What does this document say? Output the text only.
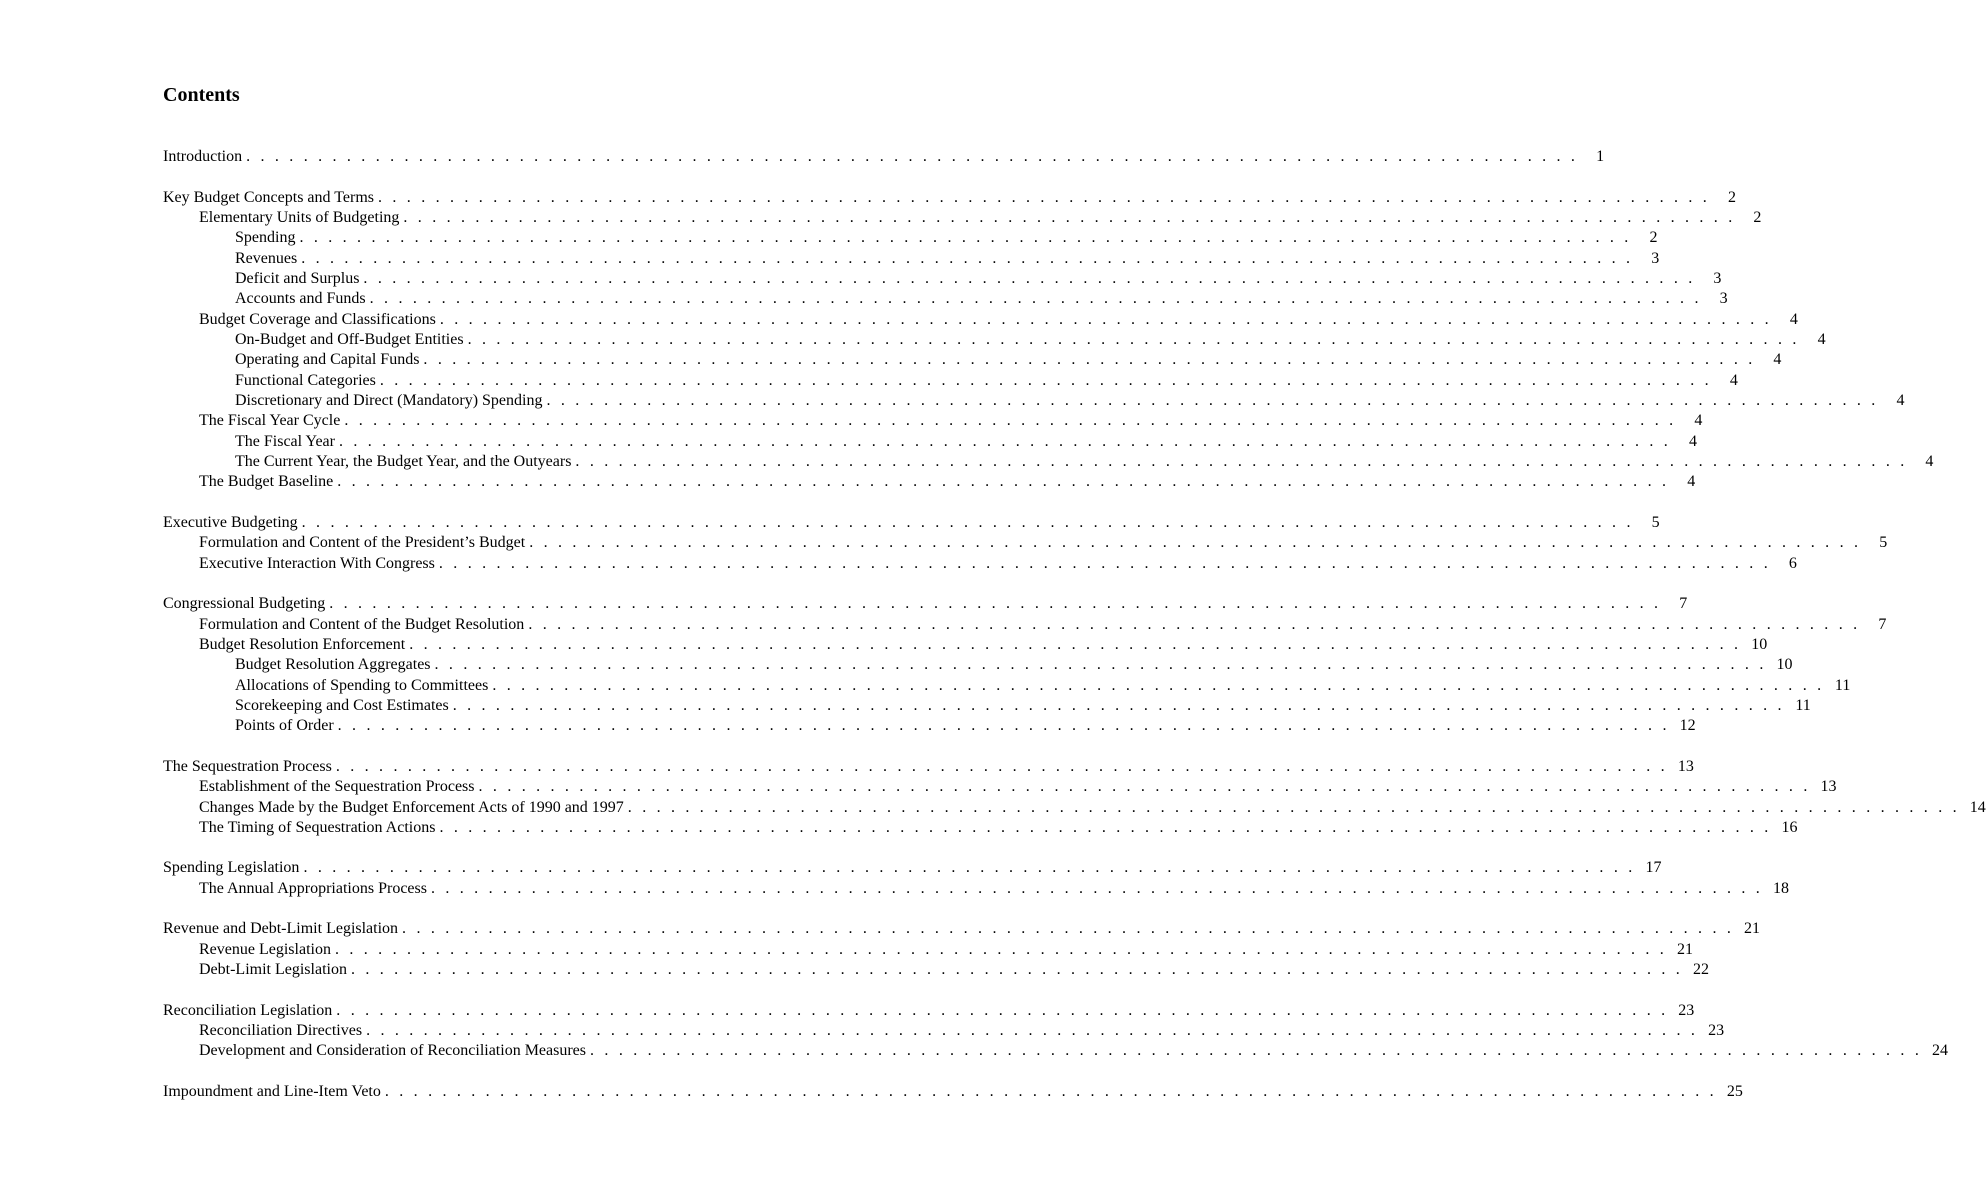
Contents
Introduction . . . . . . . . . . . . . . . . . . . . . . . . . . . . . . . . . . . . . . . . . . . . . . . . . . . . . . . . . . . . . . . . . . . . . . . . . . . . . . . . . . . . . . . . . . . . .	1
Key Budget Concepts and Terms . . . . . . . . . . . . . . . . . . . . . . . . . . . . . . . . . . . . . . . . . . . . . . . . . . . . . . . . . . . . . . . . . . . . . . . . . . . . . . . . . . . . . . . . . . . . .	2
Elementary Units of Budgeting . . . . . . . . . . . . . . . . . . . . . . . . . . . . . . . . . . . . . . . . . . . . . . . . . . . . . . . . . . . . . . . . . . . . . . . . . . . . . . . . . . . . . . . . . . . . .	2
Spending . . . . . . . . . . . . . . . . . . . . . . . . . . . . . . . . . . . . . . . . . . . . . . . . . . . . . . . . . . . . . . . . . . . . . . . . . . . . . . . . . . . . . . . . . . . . .	2
Revenues . . . . . . . . . . . . . . . . . . . . . . . . . . . . . . . . . . . . . . . . . . . . . . . . . . . . . . . . . . . . . . . . . . . . . . . . . . . . . . . . . . . . . . . . . . . . .	3
Deficit and Surplus . . . . . . . . . . . . . . . . . . . . . . . . . . . . . . . . . . . . . . . . . . . . . . . . . . . . . . . . . . . . . . . . . . . . . . . . . . . . . . . . . . . . . . . . . . . . .	3
Accounts and Funds . . . . . . . . . . . . . . . . . . . . . . . . . . . . . . . . . . . . . . . . . . . . . . . . . . . . . . . . . . . . . . . . . . . . . . . . . . . . . . . . . . . . . . . . . . . . .	3
Budget Coverage and Classifications . . . . . . . . . . . . . . . . . . . . . . . . . . . . . . . . . . . . . . . . . . . . . . . . . . . . . . . . . . . . . . . . . . . . . . . . . . . . . . . . . . . . . . . . . . . . .	4
On-Budget and Off-Budget Entities . . . . . . . . . . . . . . . . . . . . . . . . . . . . . . . . . . . . . . . . . . . . . . . . . . . . . . . . . . . . . . . . . . . . . . . . . . . . . . . . . . . . . . . . . . . . .	4
Operating and Capital Funds . . . . . . . . . . . . . . . . . . . . . . . . . . . . . . . . . . . . . . . . . . . . . . . . . . . . . . . . . . . . . . . . . . . . . . . . . . . . . . . . . . . . . . . . . . . . .	4
Functional Categories . . . . . . . . . . . . . . . . . . . . . . . . . . . . . . . . . . . . . . . . . . . . . . . . . . . . . . . . . . . . . . . . . . . . . . . . . . . . . . . . . . . . . . . . . . . . .	4
Discretionary and Direct (Mandatory) Spending . . . . . . . . . . . . . . . . . . . . . . . . . . . . . . . . . . . . . . . . . . . . . . . . . . . . . . . . . . . . . . . . . . . . . . . . . . . . . . . . . . . . . . . . . . . . .	4
The Fiscal Year Cycle . . . . . . . . . . . . . . . . . . . . . . . . . . . . . . . . . . . . . . . . . . . . . . . . . . . . . . . . . . . . . . . . . . . . . . . . . . . . . . . . . . . . . . . . . . . . .	4
The Fiscal Year . . . . . . . . . . . . . . . . . . . . . . . . . . . . . . . . . . . . . . . . . . . . . . . . . . . . . . . . . . . . . . . . . . . . . . . . . . . . . . . . . . . . . . . . . . . . .	4
The Current Year, the Budget Year, and the Outyears . . . . . . . . . . . . . . . . . . . . . . . . . . . . . . . . . . . . . . . . . . . . . . . . . . . . . . . . . . . . . . . . . . . . . . . . . . . . . . . . . . . . . . . . . . . . .	4
The Budget Baseline . . . . . . . . . . . . . . . . . . . . . . . . . . . . . . . . . . . . . . . . . . . . . . . . . . . . . . . . . . . . . . . . . . . . . . . . . . . . . . . . . . . . . . . . . . . . .	4
Executive Budgeting . . . . . . . . . . . . . . . . . . . . . . . . . . . . . . . . . . . . . . . . . . . . . . . . . . . . . . . . . . . . . . . . . . . . . . . . . . . . . . . . . . . . . . . . . . . . .	5
Formulation and Content of the President’s Budget . . . . . . . . . . . . . . . . . . . . . . . . . . . . . . . . . . . . . . . . . . . . . . . . . . . . . . . . . . . . . . . . . . . . . . . . . . . . . . . . . . . . . . . . . . . . .	5
Executive Interaction With Congress . . . . . . . . . . . . . . . . . . . . . . . . . . . . . . . . . . . . . . . . . . . . . . . . . . . . . . . . . . . . . . . . . . . . . . . . . . . . . . . . . . . . . . . . . . . . .	6
Congressional Budgeting . . . . . . . . . . . . . . . . . . . . . . . . . . . . . . . . . . . . . . . . . . . . . . . . . . . . . . . . . . . . . . . . . . . . . . . . . . . . . . . . . . . . . . . . . . . . .	7
Formulation and Content of the Budget Resolution . . . . . . . . . . . . . . . . . . . . . . . . . . . . . . . . . . . . . . . . . . . . . . . . . . . . . . . . . . . . . . . . . . . . . . . . . . . . . . . . . . . . . . . . . . . . .	7
Budget Resolution Enforcement . . . . . . . . . . . . . . . . . . . . . . . . . . . . . . . . . . . . . . . . . . . . . . . . . . . . . . . . . . . . . . . . . . . . . . . . . . . . . . . . . . . . . . . . . . . . . 10
Budget Resolution Aggregates . . . . . . . . . . . . . . . . . . . . . . . . . . . . . . . . . . . . . . . . . . . . . . . . . . . . . . . . . . . . . . . . . . . . . . . . . . . . . . . . . . . . . . . . . . . . . 10
Allocations of Spending to Committees . . . . . . . . . . . . . . . . . . . . . . . . . . . . . . . . . . . . . . . . . . . . . . . . . . . . . . . . . . . . . . . . . . . . . . . . . . . . . . . . . . . . . . . . . . . . . 11
Scorekeeping and Cost Estimates . . . . . . . . . . . . . . . . . . . . . . . . . . . . . . . . . . . . . . . . . . . . . . . . . . . . . . . . . . . . . . . . . . . . . . . . . . . . . . . . . . . . . . . . . . . . . 11
Points of Order . . . . . . . . . . . . . . . . . . . . . . . . . . . . . . . . . . . . . . . . . . . . . . . . . . . . . . . . . . . . . . . . . . . . . . . . . . . . . . . . . . . . . . . . . . . . . 12
The Sequestration Process . . . . . . . . . . . . . . . . . . . . . . . . . . . . . . . . . . . . . . . . . . . . . . . . . . . . . . . . . . . . . . . . . . . . . . . . . . . . . . . . . . . . . . . . . . . . . 13
Establishment of the Sequestration Process . . . . . . . . . . . . . . . . . . . . . . . . . . . . . . . . . . . . . . . . . . . . . . . . . . . . . . . . . . . . . . . . . . . . . . . . . . . . . . . . . . . . . . . . . . . . . 13
Changes Made by the Budget Enforcement Acts of 1990 and 1997 . . . . . . . . . . . . . . . . . . . . . . . . . . . . . . . . . . . . . . . . . . . . . . . . . . . . . . . . . . . . . . . . . . . . . . . . . . . . . . . . . . . . . . . . . . . . . 14
The Timing of Sequestration Actions . . . . . . . . . . . . . . . . . . . . . . . . . . . . . . . . . . . . . . . . . . . . . . . . . . . . . . . . . . . . . . . . . . . . . . . . . . . . . . . . . . . . . . . . . . . . . 16
Spending Legislation . . . . . . . . . . . . . . . . . . . . . . . . . . . . . . . . . . . . . . . . . . . . . . . . . . . . . . . . . . . . . . . . . . . . . . . . . . . . . . . . . . . . . . . . . . . . . 17
The Annual Appropriations Process . . . . . . . . . . . . . . . . . . . . . . . . . . . . . . . . . . . . . . . . . . . . . . . . . . . . . . . . . . . . . . . . . . . . . . . . . . . . . . . . . . . . . . . . . . . . . 18
Revenue and Debt-Limit Legislation . . . . . . . . . . . . . . . . . . . . . . . . . . . . . . . . . . . . . . . . . . . . . . . . . . . . . . . . . . . . . . . . . . . . . . . . . . . . . . . . . . . . . . . . . . . . . 21
Revenue Legislation . . . . . . . . . . . . . . . . . . . . . . . . . . . . . . . . . . . . . . . . . . . . . . . . . . . . . . . . . . . . . . . . . . . . . . . . . . . . . . . . . . . . . . . . . . . . . 21
Debt-Limit Legislation . . . . . . . . . . . . . . . . . . . . . . . . . . . . . . . . . . . . . . . . . . . . . . . . . . . . . . . . . . . . . . . . . . . . . . . . . . . . . . . . . . . . . . . . . . . . . 22
Reconciliation Legislation . . . . . . . . . . . . . . . . . . . . . . . . . . . . . . . . . . . . . . . . . . . . . . . . . . . . . . . . . . . . . . . . . . . . . . . . . . . . . . . . . . . . . . . . . . . . . 23
Reconciliation Directives . . . . . . . . . . . . . . . . . . . . . . . . . . . . . . . . . . . . . . . . . . . . . . . . . . . . . . . . . . . . . . . . . . . . . . . . . . . . . . . . . . . . . . . . . . . . . 23
Development and Consideration of Reconciliation Measures . . . . . . . . . . . . . . . . . . . . . . . . . . . . . . . . . . . . . . . . . . . . . . . . . . . . . . . . . . . . . . . . . . . . . . . . . . . . . . . . . . . . . . . . . . . . . 24
Impoundment and Line-Item Veto . . . . . . . . . . . . . . . . . . . . . . . . . . . . . . . . . . . . . . . . . . . . . . . . . . . . . . . . . . . . . . . . . . . . . . . . . . . . . . . . . . . . . . . . . . . . . 25
